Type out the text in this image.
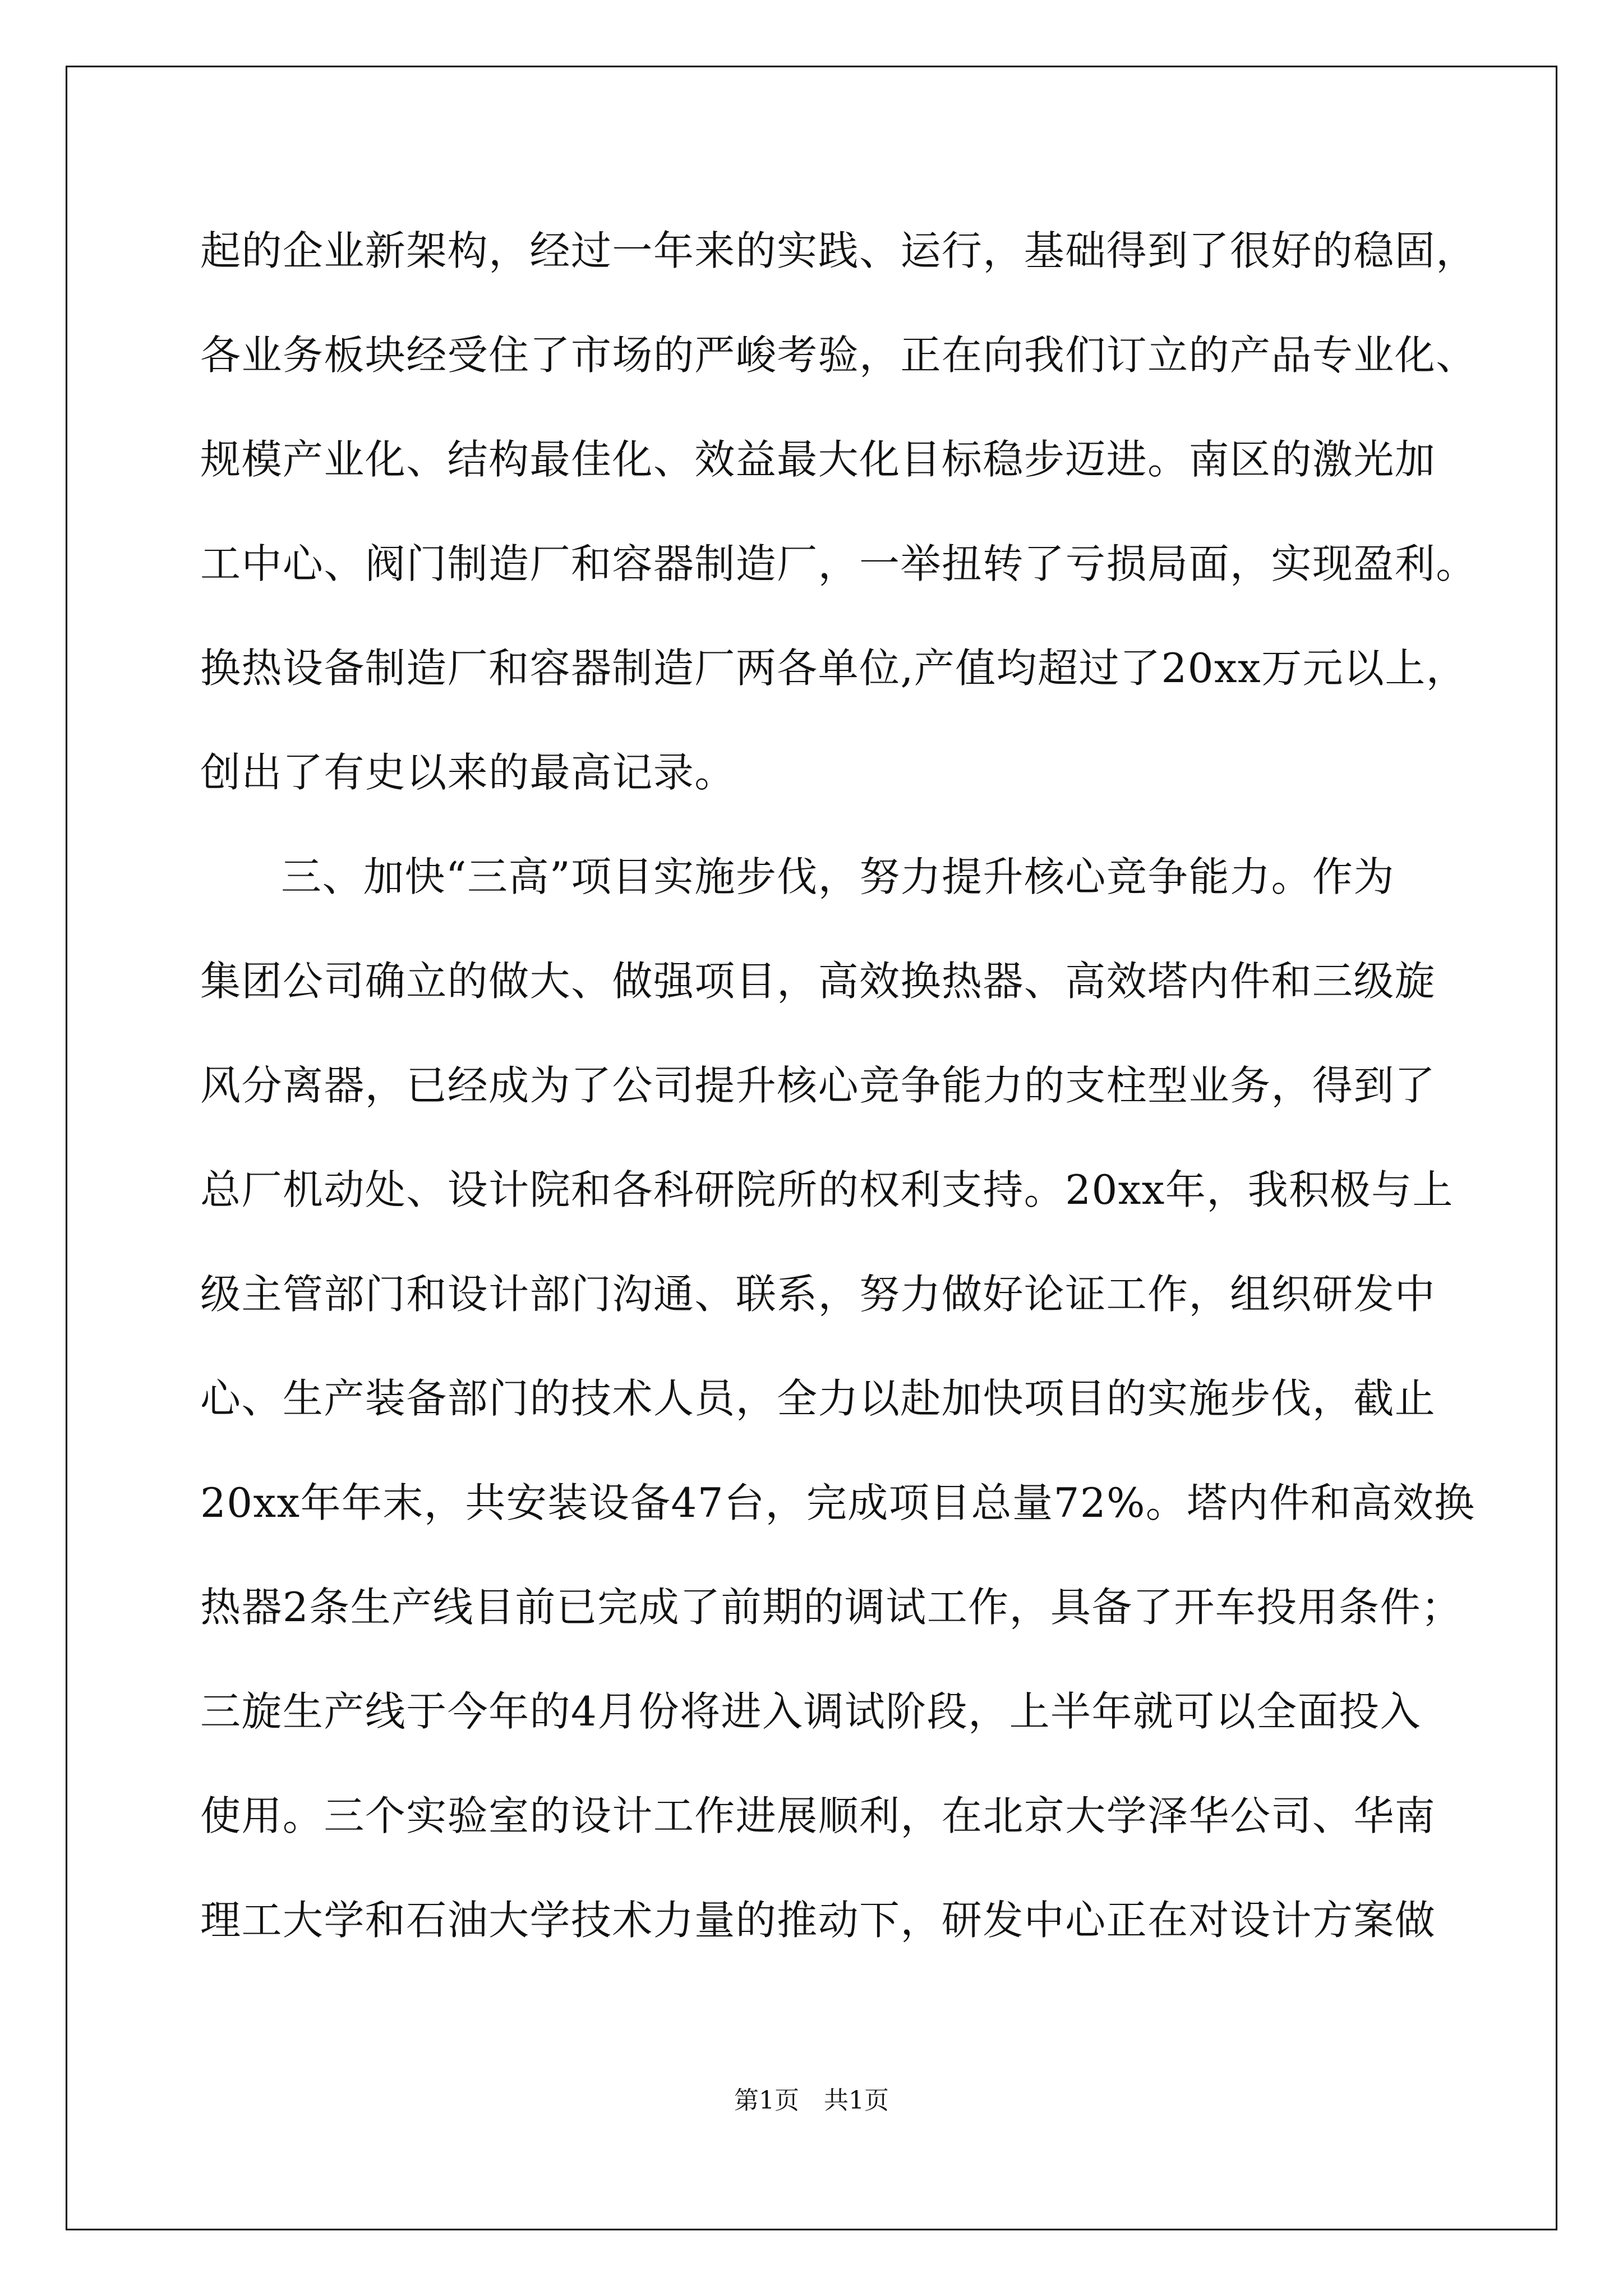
起的企业新架构，经过一年来的实践、运行，基础得到了很好的稳固，
各业务板块经受住了市场的严峻考验，正在向我们订立的产品专业化、
规模产业化、结构最佳化、效益最大化目标稳步迈进。南区的激光加
工中心、阀门制造厂和容器制造厂，一举扭转了亏损局面，实现盈利。
换热设备制造厂和容器制造厂两各单位,产值均超过了20xx万元以上，
创出了有史以来的最高记录。

三、加快“三高”项目实施步伐，努力提升核心竞争能力。作为
集团公司确立的做大、做强项目，高效换热器、高效塔内件和三级旋
风分离器，已经成为了公司提升核心竞争能力的支柱型业务，得到了
总厂机动处、设计院和各科研院所的权利支持。20xx年，我积极与上
级主管部门和设计部门沟通、联系，努力做好论证工作，组织研发中
心、生产装备部门的技术人员，全力以赴加快项目的实施步伐，截止
20xx年年末，共安装设备47台，完成项目总量72%。塔内件和高效换
热器2条生产线目前已完成了前期的调试工作，具备了开车投用条件；
三旋生产线于今年的4月份将进入调试阶段，上半年就可以全面投入
使用。三个实验室的设计工作进展顺利，在北京大学泽华公司、华南
理工大学和石油大学技术力量的推动下，研发中心正在对设计方案做

第1页 共1页
